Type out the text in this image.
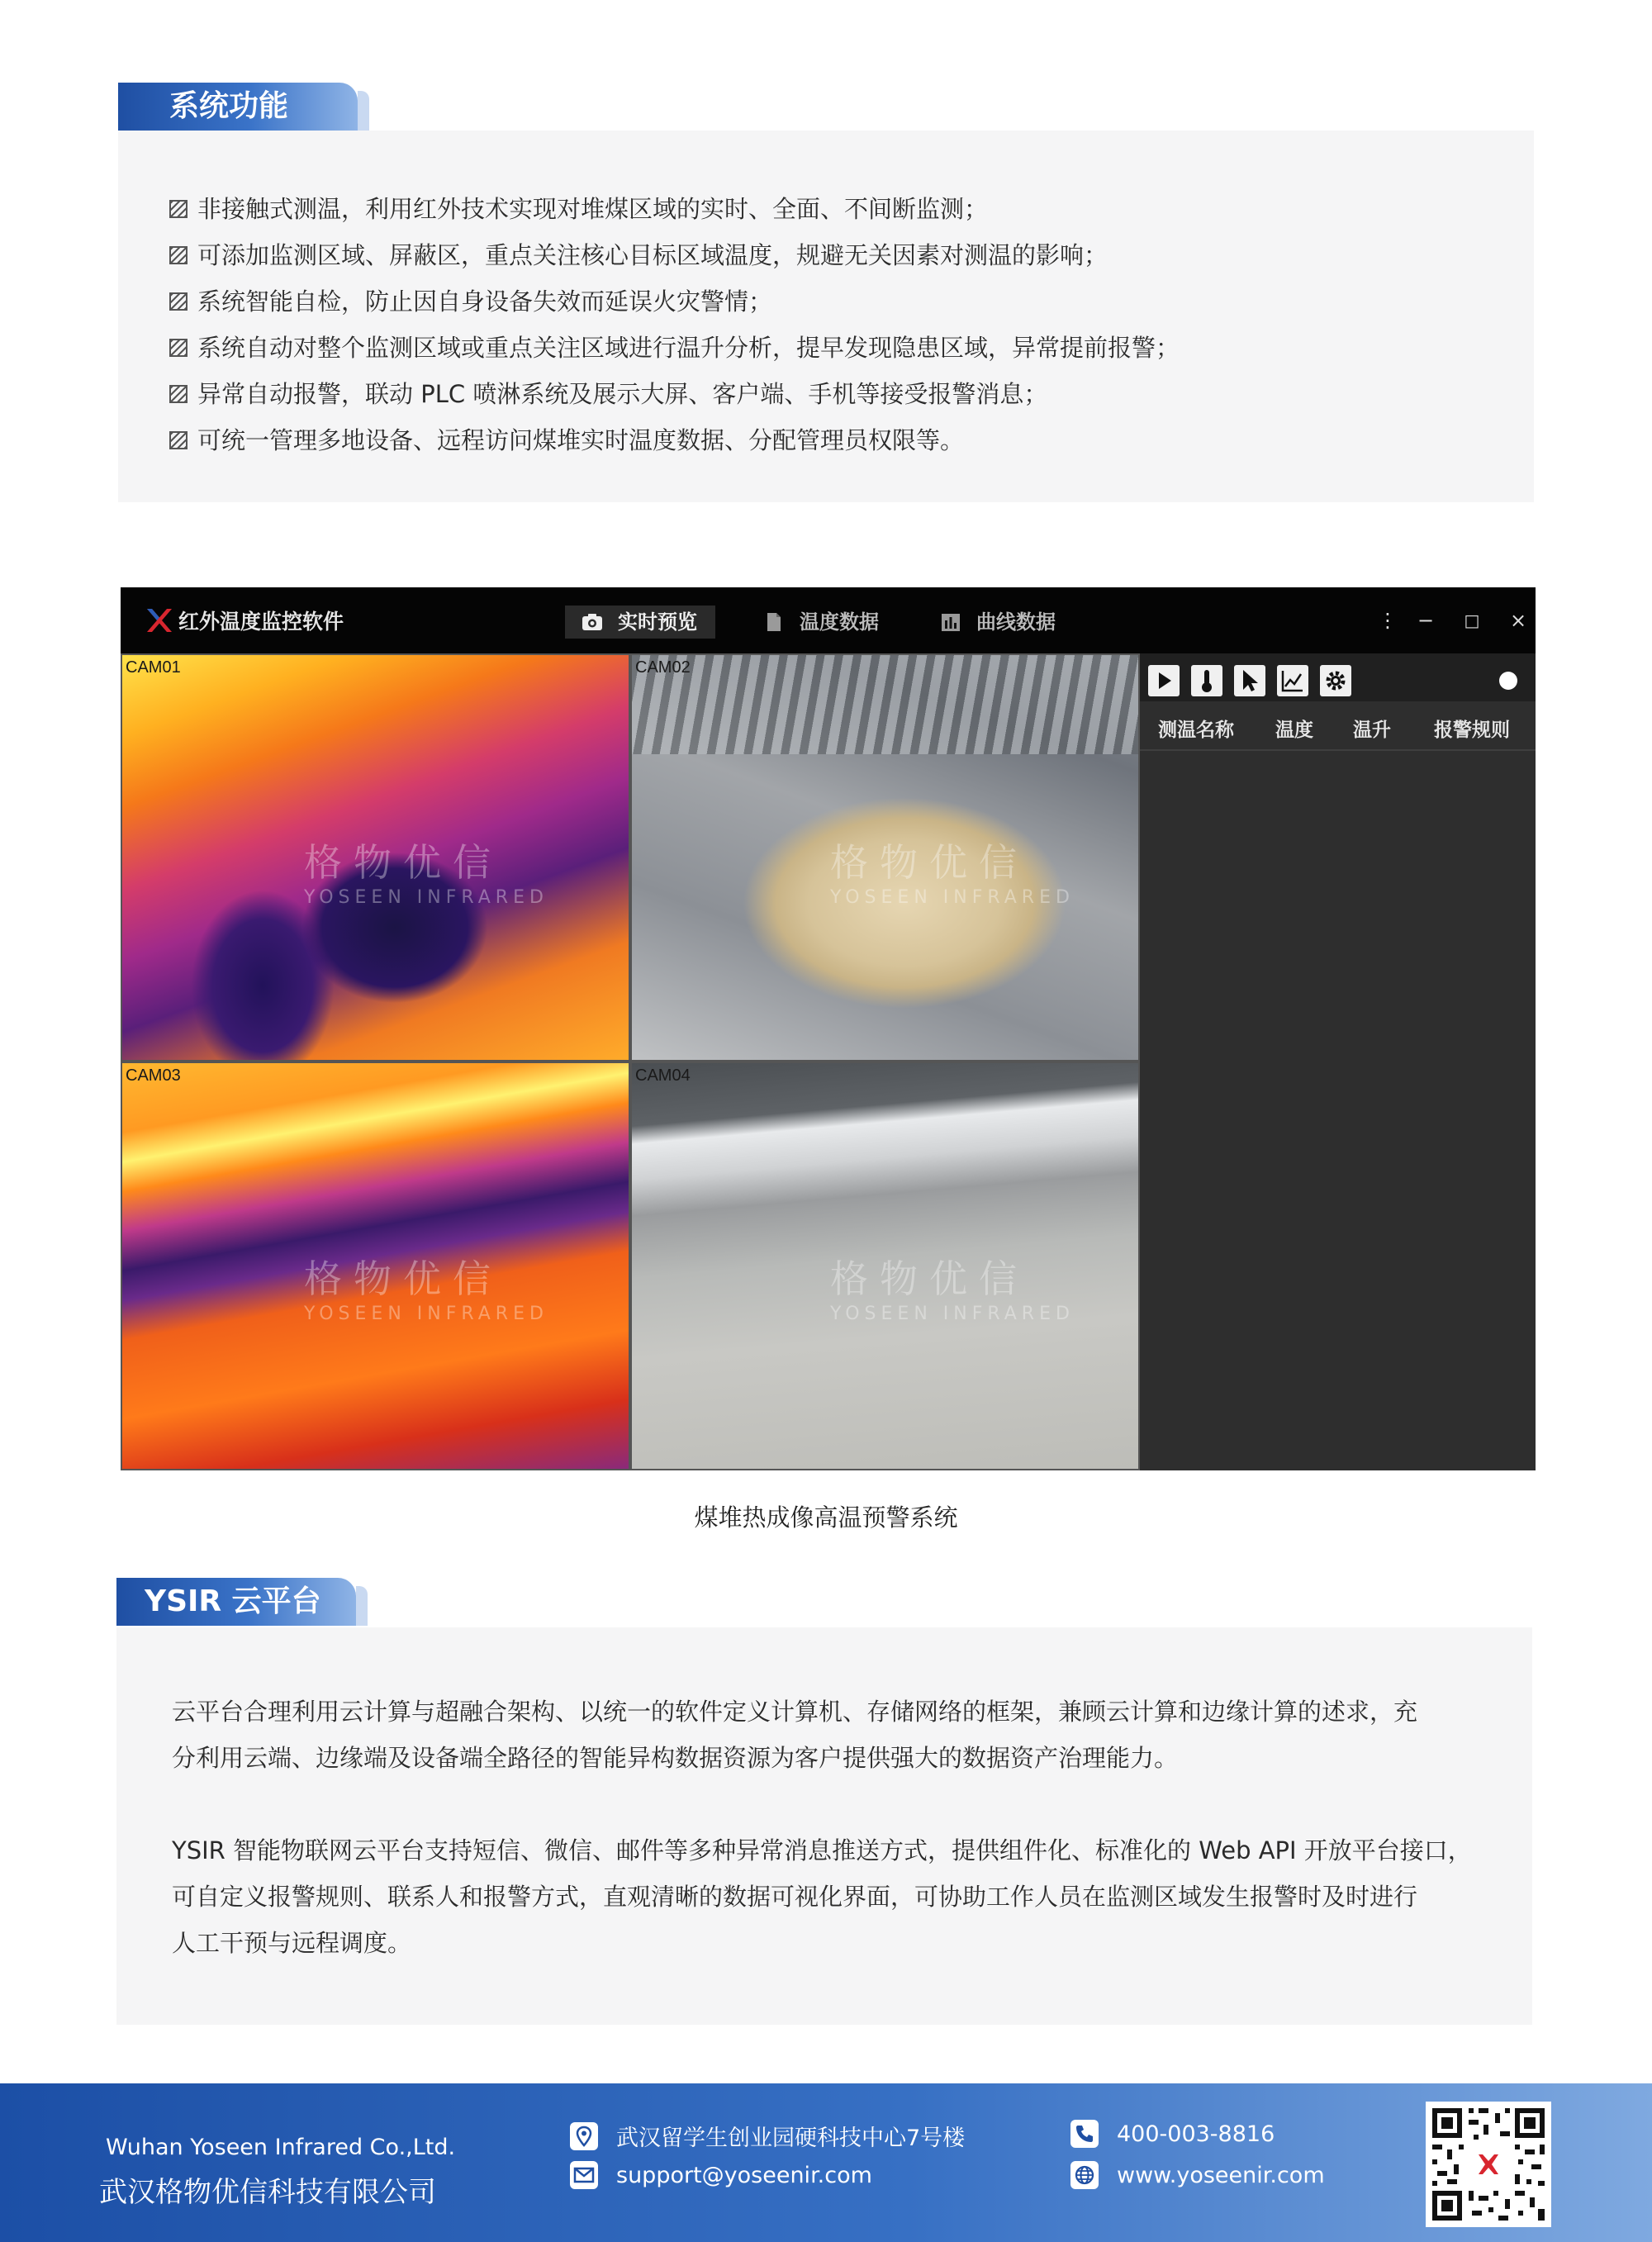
系统功能
非接触式测温，利用红外技术实现对堆煤区域的实时、全面、不间断监测；
可添加监测区域、屏蔽区，重点关注核心目标区域温度，规避无关因素对测温的影响；
系统智能自检，防止因自身设备失效而延误火灾警情；
系统自动对整个监测区域或重点关注区域进行温升分析，提早发现隐患区域，异常提前报警；
异常自动报警，联动 PLC 喷淋系统及展示大屏、客户端、手机等接受报警消息；
可统一管理多地设备、远程访问煤堆实时温度数据、分配管理员权限等。
红外温度监控软件	实时预览	温度数据	曲线数据	⋮ −	□	×
格物优信
YOSEEN INFRARED
CAM01
格物优信
YOSEEN INFRARED
CAM02
格物优信
YOSEEN INFRARED
CAM03
格物优信
YOSEEN INFRARED
CAM04
测温名称 温度 温升 报警规则
煤堆热成像高温预警系统
YSIR 云平台

云平台合理利用云计算与超融合架构、以统一的软件定义计算机、存储网络的框架，兼顾云计算和边缘计算的述求，充

分利用云端、边缘端及设备端全路径的智能异构数据资源为客户提供强大的数据资产治理能力。

YSIR 智能物联网云平台支持短信、微信、邮件等多种异常消息推送方式，提供组件化、标准化的 Web API 开放平台接口，

可自定义报警规则、联系人和报警方式，直观清晰的数据可视化界面，可协助工作人员在监测区域发生报警时及时进行

人工干预与远程调度。

Wuhan Yoseen Infrared Co.,Ltd.
武汉格物优信科技有限公司
武汉留学生创业园硬科技中心7号楼
support@yoseenir.com
400-003-8816
www.yoseenir.com
